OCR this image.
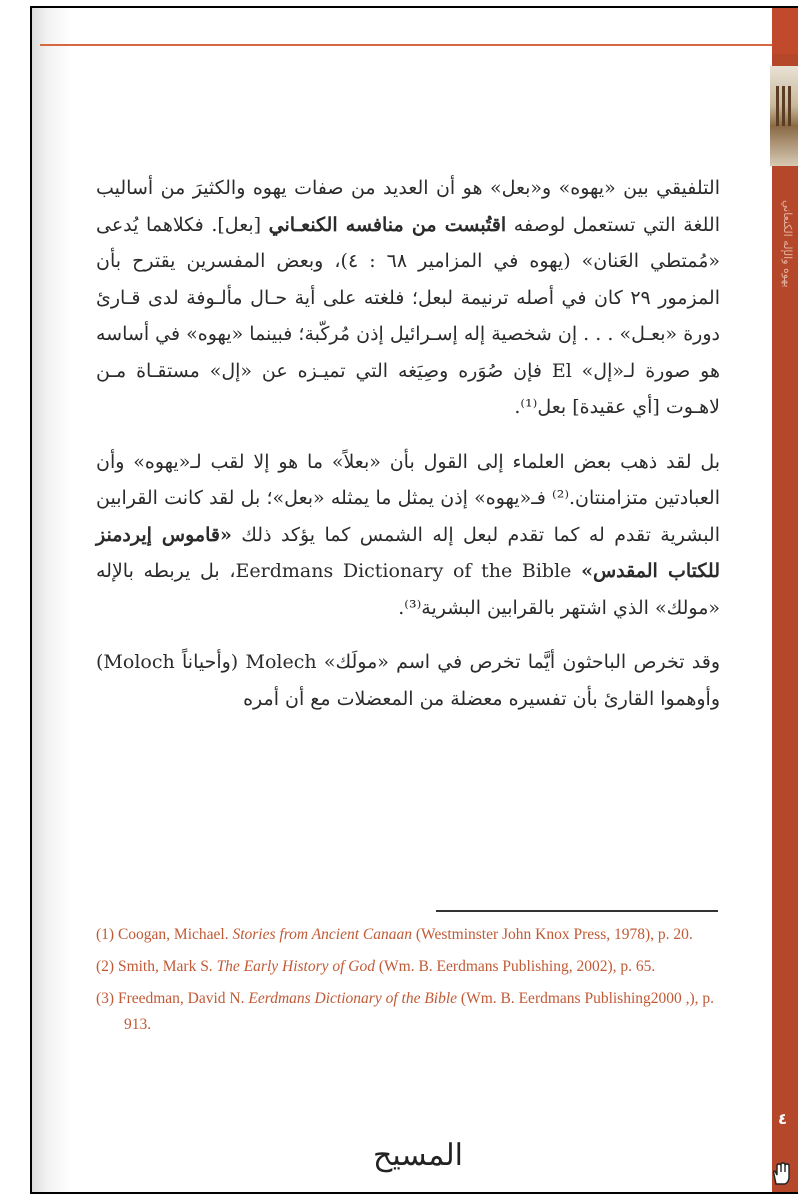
يهوه والإله الكنعاني
٤

التلفيقي بين «يهوه» و«بعل» هو أن العديد من صفات يهوه والكثيرَ من أساليب اللغة التي تستعمل لوصفه اقتُبست من منافسه الكنعـاني [بعل]. فكلاهما يُدعى «مُمتطي العَنان» (يهوه في المزامير ٦٨ : ٤)، وبعض المفسرين يقترح بأن المزمور ٢٩ كان في أصله ترنيمة لبعل؛ فلغته على أية حـال مألـوفة لدى قـارئ دورة «بعـل» . . . إن شخصية إله إسـرائيل إذن مُركّبة؛ فبينما «يهوه» في أساسه هو صورة لـ«إل» El فإن صُوَره وصِيَغه التي تميـزه عن «إل» مستقـاة مـن لاهـوت [أي عقيدة] بعل⁽¹⁾.

بل لقد ذهب بعض العلماء إلى القول بأن «بعلاً» ما هو إلا لقب لـ«يهوه» وأن العبادتين متزامنتان.⁽²⁾ فـ«يهوه» إذن يمثل ما يمثله «بعل»؛ بل لقد كانت القرابين البشرية تقدم له كما تقدم لبعل إله الشمس كما يؤكد ذلك «قاموس إيردمنز للكتاب المقدس» Eerdmans Dictionary of the Bible، بل يربطه بالإله «مولك» الذي اشتهر بالقرابين البشرية⁽³⁾.

وقد تخرص الباحثون أيَّما تخرص في اسم «مولَك» Molech (وأحياناً Moloch) وأوهموا القارئ بأن تفسيره معضلة من المعضلات مع أن أمره

(1) Coogan, Michael. Stories from Ancient Canaan (Westminster John Knox Press, 1978), p. 20.

(2) Smith, Mark S. The Early History of God (Wm. B. Eerdmans Publishing, 2002), p. 65.

(3) Freedman, David N. Eerdmans Dictionary of the Bible (Wm. B. Eerdmans Publishing2000 ,), p. 913.

المسيح
